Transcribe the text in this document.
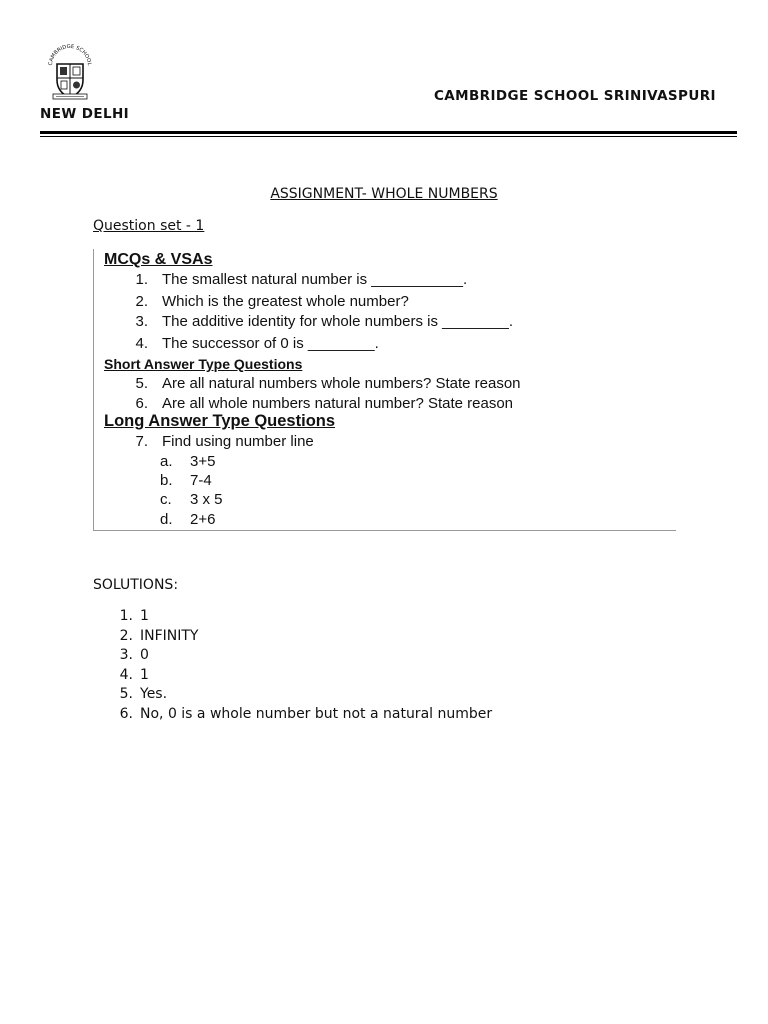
CAMBRIDGE SCHOOL
CAMBRIDGE SCHOOL SRINIVASPURI
NEW DELHI
ASSIGNMENT- WHOLE NUMBERS
Question set - 1
MCQs & VSAs
1. The smallest natural number is ___________.
2. Which is the greatest whole number?
3. The additive identity for whole numbers is ________.
4. The successor of 0 is ________.
Short Answer Type Questions
5. Are all natural numbers whole numbers? State reason
6. Are all whole numbers natural number? State reason
Long Answer Type Questions
7. Find using number line
a. 3+5
b. 7-4
c. 3 x 5
d. 2+6
SOLUTIONS:
1. 1
2. INFINITY
3. 0
4. 1
5. Yes.
6. No, 0 is a whole number but not a natural number
